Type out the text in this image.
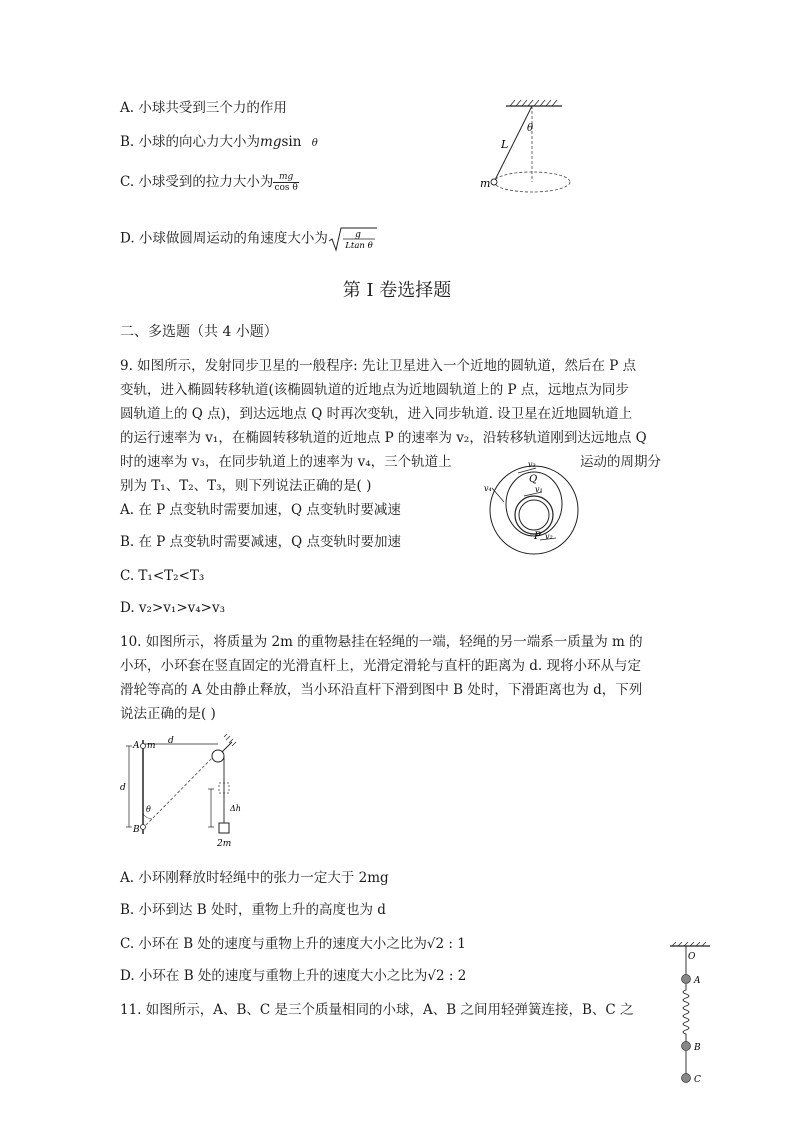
A. 小球共受到三个力的作用
B. 小球的向心力大小为mgsin θ
C. 小球受到的拉力大小为 $\frac{mg}{\text{cos θ}}$
D. 小球做圆周运动的角速度大小为	g
Ltan θ
θ
L
m
第 I 卷选择题
二、多选题（共 4 小题）
9. 如图所示，发射同步卫星的一般程序: 先让卫星进入一个近地的圆轨道，然后在 P 点
变轨，进入椭圆转移轨道(该椭圆轨道的近地点为近地圆轨道上的 P 点，远地点为同步
圆轨道上的 Q 点)，到达远地点 Q 时再次变轨，进入同步轨道. 设卫星在近地圆轨道上
的运行速率为 v₁，在椭圆转移轨道的近地点 P 的速率为 v₂，沿转移轨道刚到达远地点 Q
时的速率为 v₃，在同步轨道上的速率为 v₄，三个轨道上	运动的周期分
别为 T₁、T₂、T₃，则下列说法正确的是( )
A. 在 P 点变轨时需要加速，Q 点变轨时要减速
B. 在 P 点变轨时需要减速，Q 点变轨时要加速
C. T₁<T₂<T₃
D. v₂>v₁>v₄>v₃
v₃
Q
v₄	v₁
P v₂
10. 如图所示，将质量为 2m 的重物悬挂在轻绳的一端，轻绳的另一端系一质量为 m 的
小环，小环套在竖直固定的光滑直杆上，光滑定滑轮与直杆的距离为 d. 现将小环从与定
滑轮等高的 A 处由静止释放，当小环沿直杆下滑到图中 B 处时，下滑距离也为 d，下列
说法正确的是( )
A m d
d
θ
B
Δh
2m
A. 小环刚释放时轻绳中的张力一定大于 2mg
B. 小环到达 B 处时，重物上升的高度也为 d
C. 小环在 B 处的速度与重物上升的速度大小之比为√2 : 1
D. 小环在 B 处的速度与重物上升的速度大小之比为√2 : 2
11. 如图所示，A、B、C 是三个质量相同的小球，A、B 之间用轻弹簧连接，B、C 之
O
A
B
C
